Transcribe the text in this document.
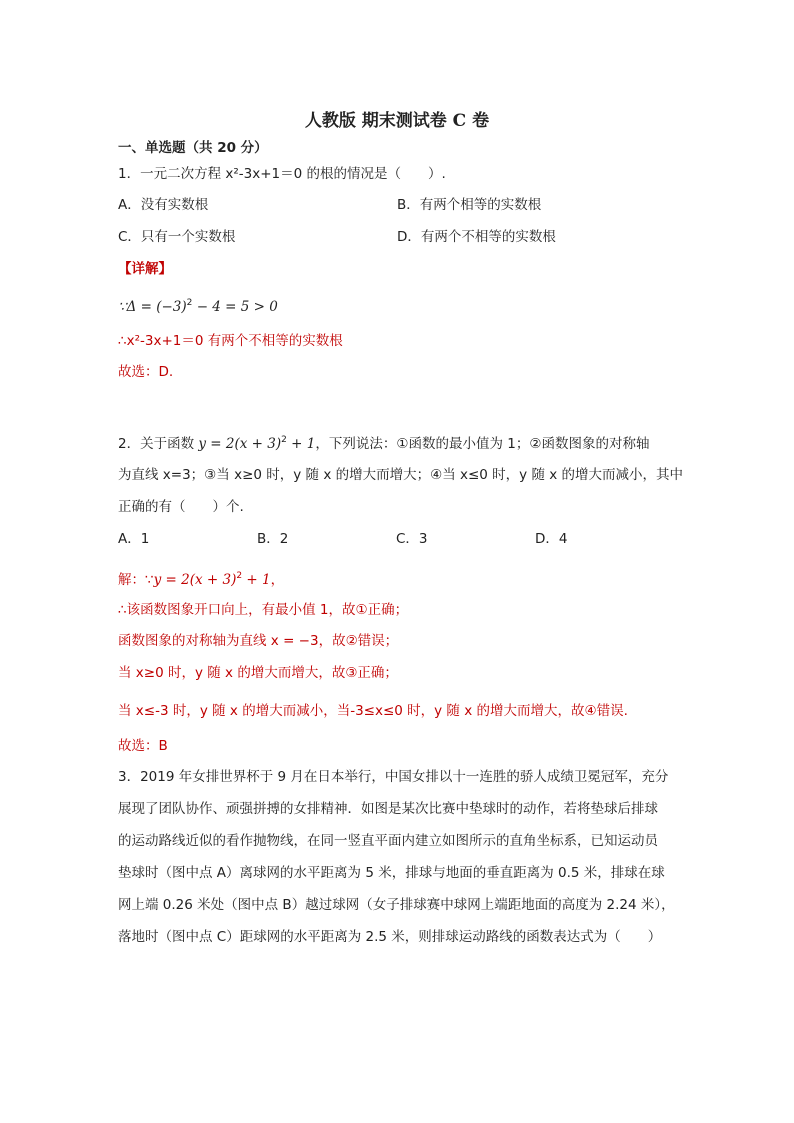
人教版 期末测试卷 C 卷
一、单选题（共 20 分）
1．一元二次方程 x²-3x+1＝0 的根的情况是（　　）.
A．没有实数根	B．有两个相等的实数根
C．只有一个实数根	D．有两个不相等的实数根
【详解】
∵Δ = $(-3)^2 - 4 = 5 > 0$
∴x²-3x+1＝0 有两个不相等的实数根
故选：D.
2．关于函数 $y = 2(x + 3)^2 + 1$，下列说法：①函数的最小值为 1；②函数图象的对称轴
为直线 x=3；③当 x≥0 时，y 随 x 的增大而增大；④当 x≤0 时，y 随 x 的增大而减小，其中
正确的有（　　）个.
A．1	B．2	C．3	D．4
解：∵y = $2(x + 3)^2 + 1$，
∴该函数图象开口向上，有最小值 1，故①正确；
函数图象的对称轴为直线 x = −3，故②错误；
当 x≥0 时，y 随 x 的增大而增大，故③正确；
当 x≤-3 时，y 随 x 的增大而减小，当-3≤x≤0 时，y 随 x 的增大而增大，故④错误.
故选：B
3．2019 年女排世界杯于 9 月在日本举行，中国女排以十一连胜的骄人成绩卫冕冠军，充分
展现了团队协作、顽强拼搏的女排精神．如图是某次比赛中垫球时的动作，若将垫球后排球
的运动路线近似的看作抛物线，在同一竖直平面内建立如图所示的直角坐标系，已知运动员
垫球时（图中点 A）离球网的水平距离为 5 米，排球与地面的垂直距离为 0.5 米，排球在球
网上端 0.26 米处（图中点 B）越过球网（女子排球赛中球网上端距地面的高度为 2.24 米），
落地时（图中点 C）距球网的水平距离为 2.5 米，则排球运动路线的函数表达式为（　　）
